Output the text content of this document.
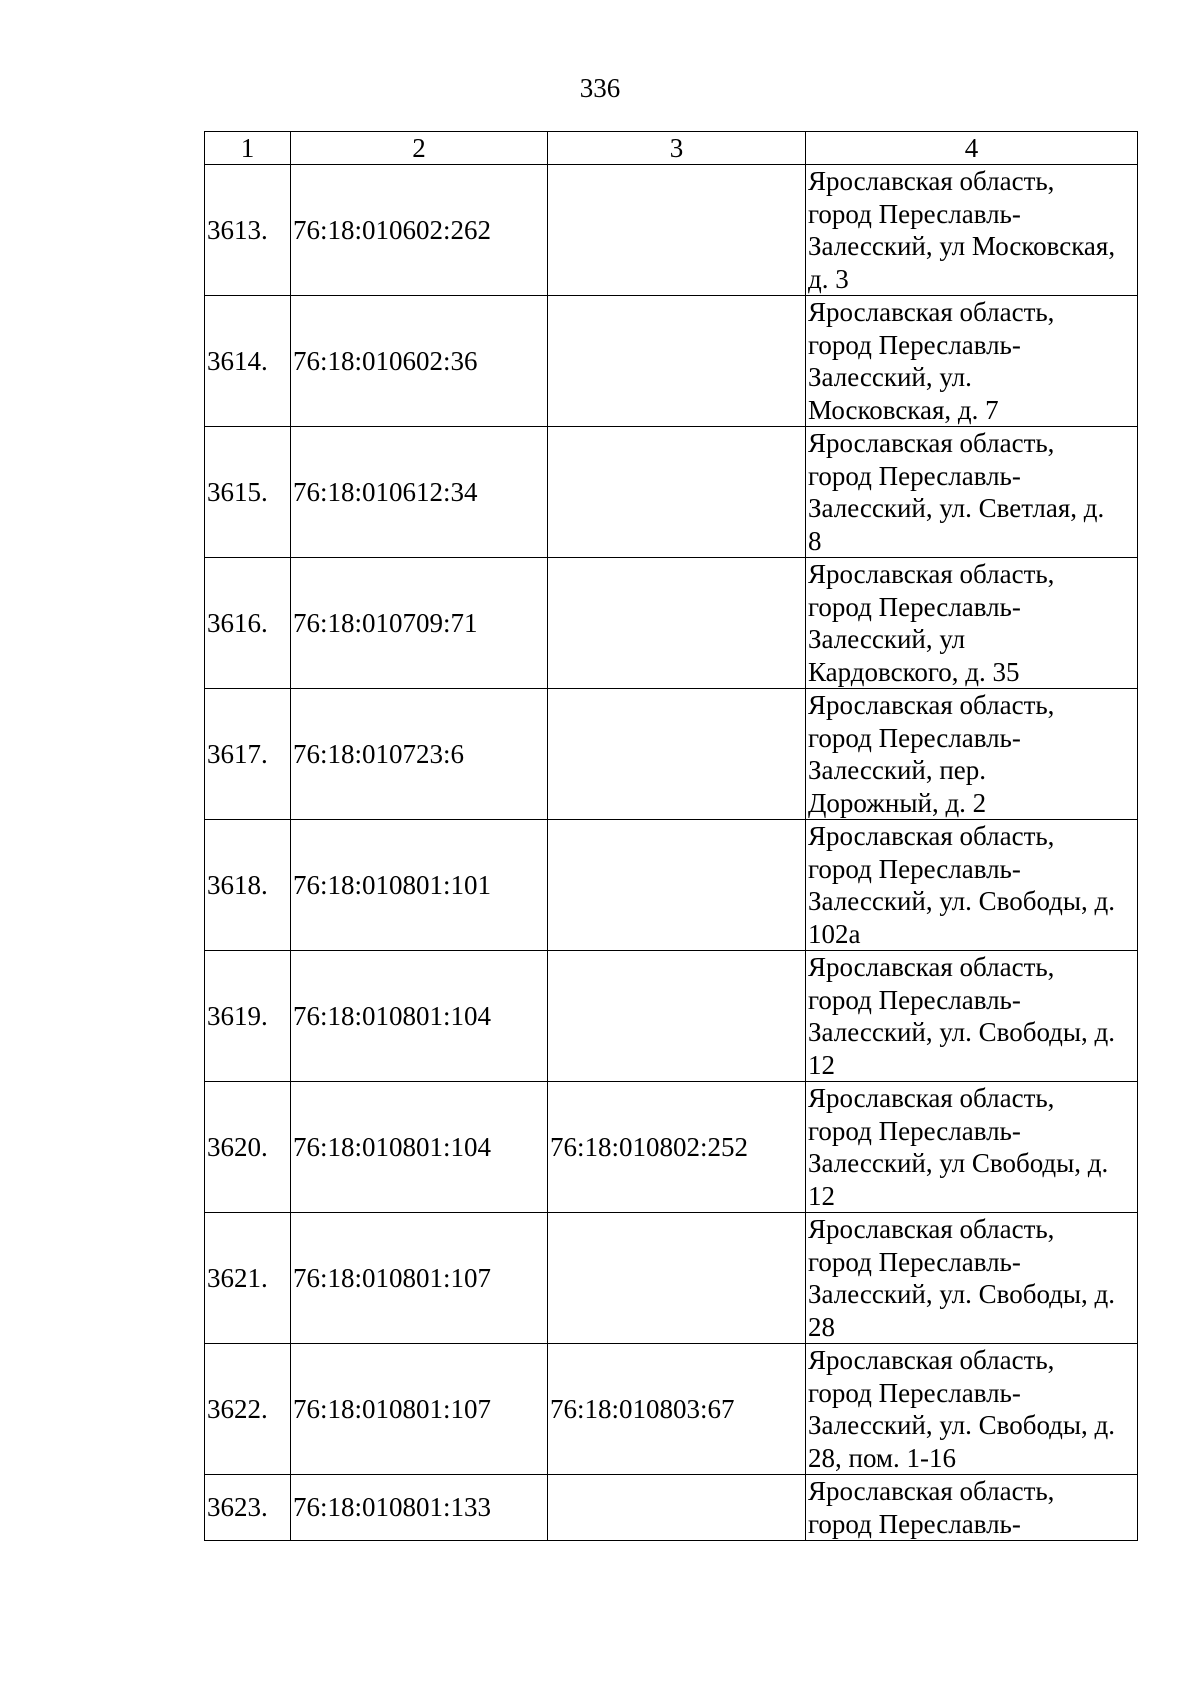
336
1	2	3	4
3613.	76:18:010602:262		Ярославская область,
город Переславль-
Залесский, ул Московская,
д. 3

3614.	76:18:010602:36		Ярославская область,
город Переславль-
Залесский, ул.
Московская, д. 7

3615.	76:18:010612:34		Ярославская область,
город Переславль-
Залесский, ул. Светлая, д.
8

3616.	76:18:010709:71		Ярославская область,
город Переславль-
Залесский, ул
Кардовского, д. 35

3617.	76:18:010723:6		Ярославская область,
город Переславль-
Залесский, пер.
Дорожный, д. 2

3618.	76:18:010801:101		Ярославская область,
город Переславль-
Залесский, ул. Свободы, д.
102а

3619.	76:18:010801:104		Ярославская область,
город Переславль-
Залесский, ул. Свободы, д.
12

3620.	76:18:010801:104	76:18:010802:252	Ярославская область,
город Переславль-
Залесский, ул Свободы, д.
12

3621.	76:18:010801:107		Ярославская область,
город Переславль-
Залесский, ул. Свободы, д.
28

3622.	76:18:010801:107	76:18:010803:67	Ярославская область,
город Переславль-
Залесский, ул. Свободы, д.
28, пом. 1-16

3623.	76:18:010801:133		Ярославская область,
город Переславль-
